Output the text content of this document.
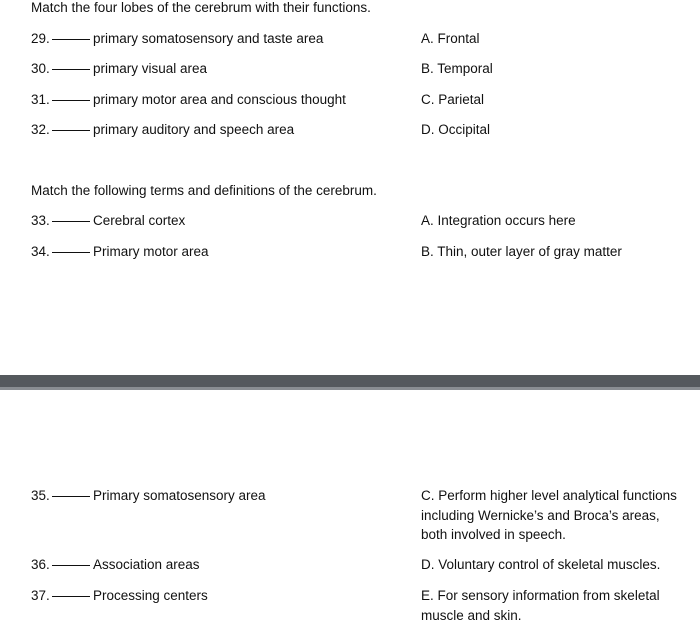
Match the four lobes of the cerebrum with their functions.
29.	primary somatosensory and taste area	A. Frontal
30.	primary visual area	B. Temporal
31.	primary motor area and conscious thought	C. Parietal
32.	primary auditory and speech area	D. Occipital
Match the following terms and definitions of the cerebrum.
33.	Cerebral cortex	A. Integration occurs here
34.	Primary motor area	B. Thin, outer layer of gray matter
35.	Primary somatosensory area	C. Perform higher level analytical functions including Wernicke’s and Broca’s areas, both involved in speech.
36.	Association areas	D. Voluntary control of skeletal muscles.
37.	Processing centers	E. For sensory information from skeletal muscle and skin.
